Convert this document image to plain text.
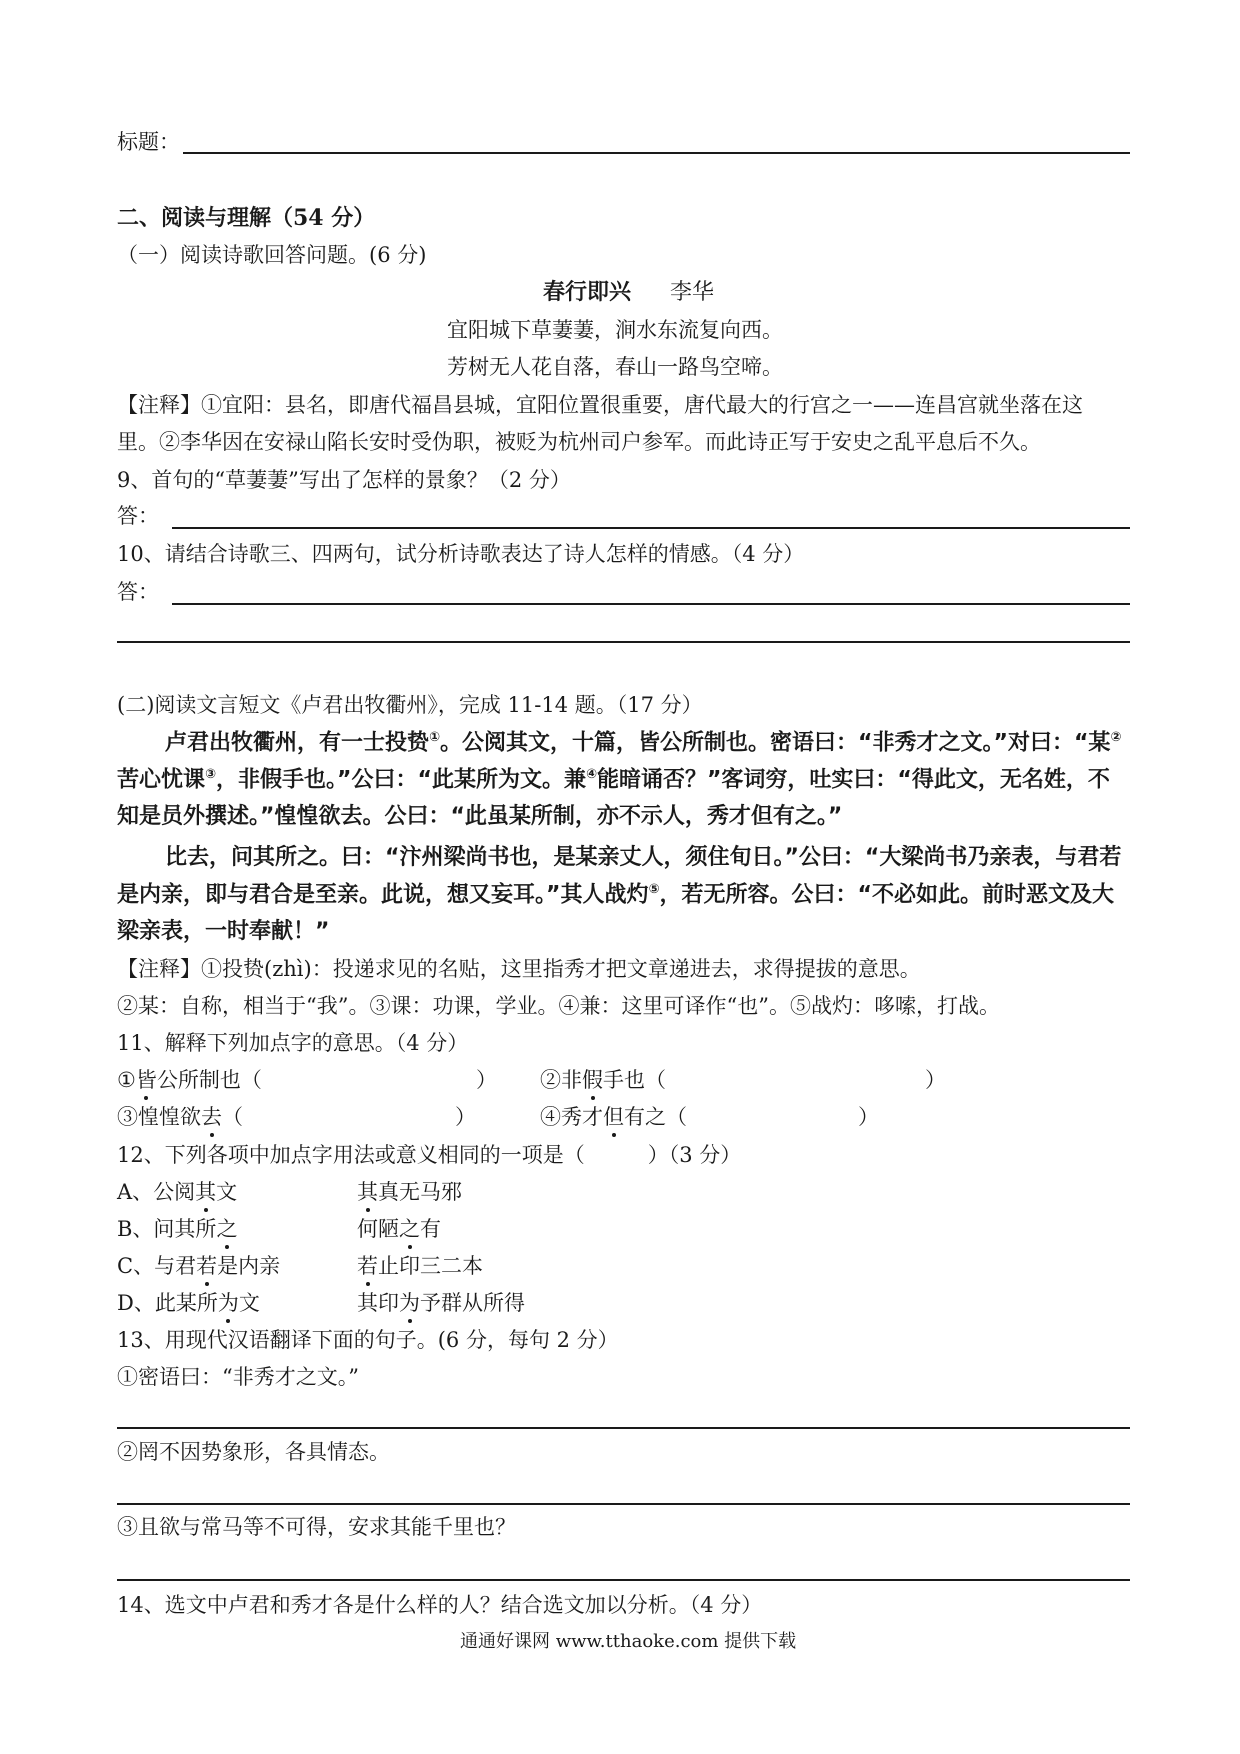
标题：
二、阅读与理解（54 分）
（一）阅读诗歌回答问题。(6 分)
春行即兴 李华
宜阳城下草萋萋，涧水东流复向西。
芳树无人花自落，春山一路鸟空啼。
【注释】①宜阳：县名，即唐代福昌县城，宜阳位置很重要，唐代最大的行宫之一——连昌宫就坐落在这
里。②李华因在安禄山陷长安时受伪职，被贬为杭州司户参军。而此诗正写于安史之乱平息后不久。
9、首句的“草萋萋”写出了怎样的景象？（2 分）
答：
10、请结合诗歌三、四两句，试分析诗歌表达了诗人怎样的情感。（4 分）
答：
(二)阅读文言短文《卢君出牧衢州》，完成 11-14 题。（17 分）
卢君出牧衢州，有一士投贽①。公阅其文，十篇，皆公所制也。密语曰：“非秀才之文。”对曰：“某②
苦心忧课③，非假手也。”公曰：“此某所为文。兼④能暗诵否？”客词穷，吐实曰：“得此文，无名姓，不
知是员外撰述。”惶惶欲去。公曰：“此虽某所制，亦不示人，秀才但有之。”
比去，问其所之。曰：“汴州梁尚书也，是某亲丈人，须住旬日。”公曰：“大梁尚书乃亲表，与君若
是内亲，即与君合是至亲。此说，想又妄耳。”其人战灼⑤，若无所容。公曰：“不必如此。前时恶文及大
梁亲表，一时奉献！”
【注释】①投贽(zhì)：投递求见的名贴，这里指秀才把文章递进去，求得提拔的意思。
②某：自称，相当于“我”。③课：功课，学业。④兼：这里可译作“也”。⑤战灼：哆嗦，打战。
11、解释下列加点字的意思。（4 分）
①皆公所制也（	） ②非假手也（	）
③惶惶欲去（	）	④秀才但有之（	）
12、下列各项中加点字用法或意义相同的一项是（　　　）（3 分）
A、公阅其文	其真无马邪
B、问其所之	何陋之有
C、与君若是内亲	若止印三二本
D、此某所为文	其印为予群从所得
13、用现代汉语翻译下面的句子。(6 分，每句 2 分）
①密语曰：“非秀才之文。”
②罔不因势象形，各具情态。
③且欲与常马等不可得，安求其能千里也？
14、选文中卢君和秀才各是什么样的人？结合选文加以分析。（4 分）
通通好课网 www.tthaoke.com 提供下载
